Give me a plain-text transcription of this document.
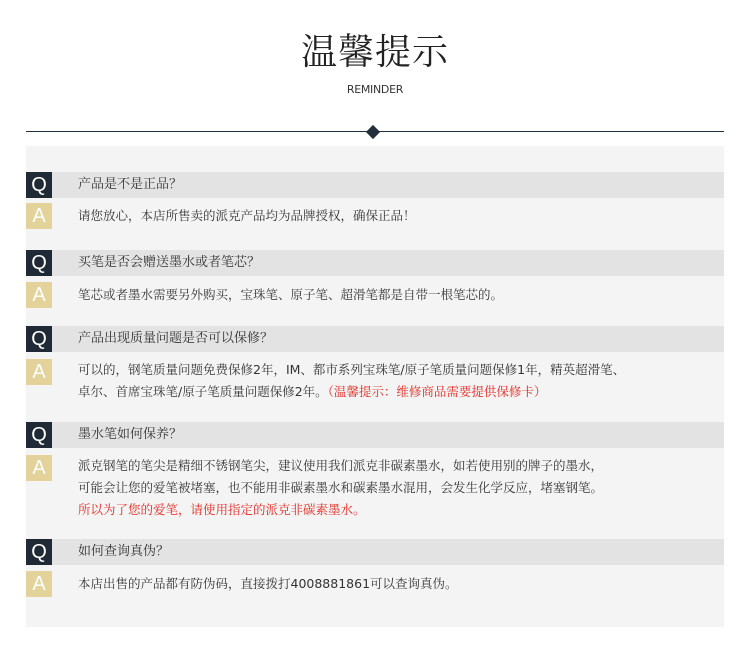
温馨提示
REMINDER
Q	产品是不是正品？
A	请您放心，本店所售卖的派克产品均为品牌授权，确保正品！
Q	买笔是否会赠送墨水或者笔芯？
A	笔芯或者墨水需要另外购买，宝珠笔、原子笔、超滑笔都是自带一根笔芯的。
Q	产品出现质量问题是否可以保修？
A	可以的，钢笔质量问题免费保修2年，IM、都市系列宝珠笔/原子笔质量问题保修1年，精英超滑笔、
卓尔、首席宝珠笔/原子笔质量问题保修2年。（温馨提示：维修商品需要提供保修卡）
Q	墨水笔如何保养？
A	派克钢笔的笔尖是精细不锈钢笔尖，建议使用我们派克非碳素墨水，如若使用别的牌子的墨水，
可能会让您的爱笔被堵塞，也不能用非碳素墨水和碳素墨水混用，会发生化学反应，堵塞钢笔。
所以为了您的爱笔，请使用指定的派克非碳素墨水。
Q	如何查询真伪？
A	本店出售的产品都有防伪码，直接拨打4008881861可以查询真伪。
